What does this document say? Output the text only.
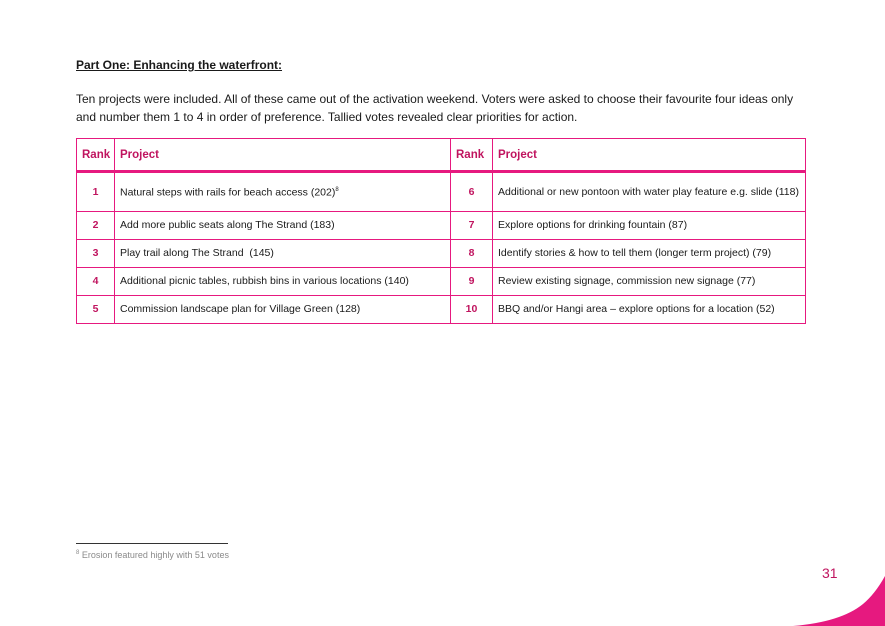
Part One: Enhancing the waterfront:

Ten projects were included. All of these came out of the activation weekend. Voters were asked to choose their favourite four ideas only and number them 1 to 4 in order of preference. Tallied votes revealed clear priorities for action.

Rank	Project	Rank	Project
1	Natural steps with rails for beach access (202)$^8$	6	Additional or new pontoon with water play feature e.g. slide (118)
2	Add more public seats along The Strand (183)	7	Explore options for drinking fountain (87)
3	Play trail along The Strand  (145)	8	Identify stories & how to tell them (longer term project) (79)
4	Additional picnic tables, rubbish bins in various locations (140)	9	Review existing signage, commission new signage (77)
5	Commission landscape plan for Village Green (128)	10	BBQ and/or Hangi area – explore options for a location (52)

$^8$ Erosion featured highly with 51 votes

31
